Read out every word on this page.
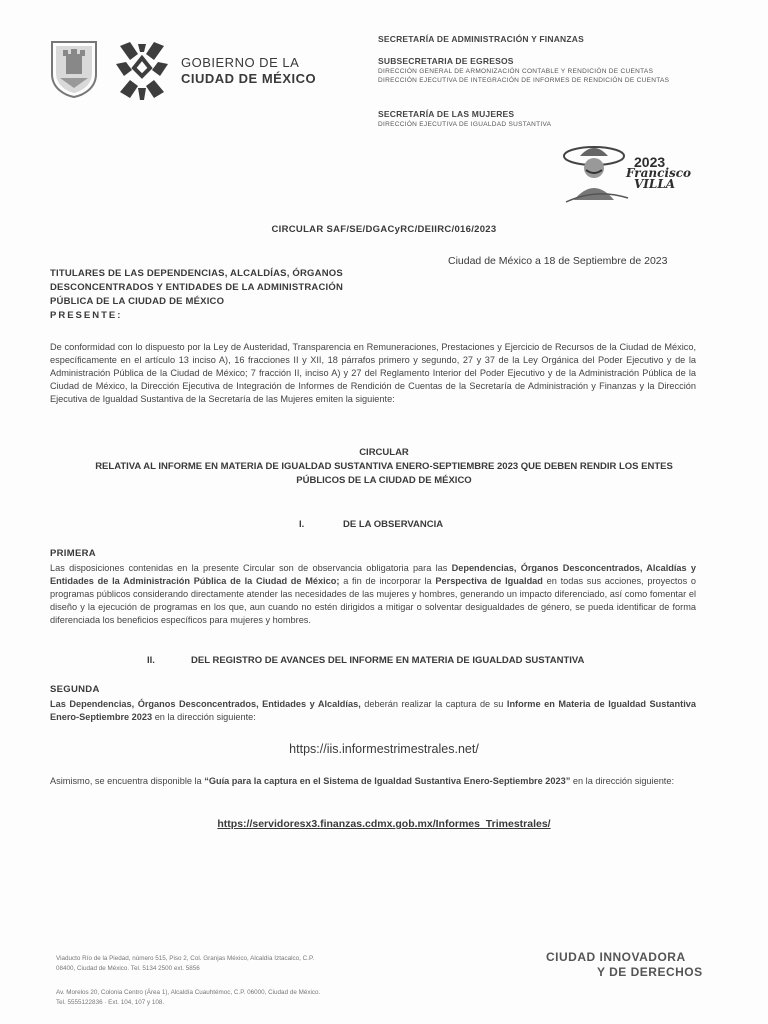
GOBIERNO DE LA
CIUDAD DE MÉXICO
SECRETARÍA DE ADMINISTRACIÓN Y FINANZAS
SUBSECRETARIA DE EGRESOS
DIRECCIÓN GENERAL DE ARMONIZACIÓN CONTABLE Y RENDICIÓN DE CUENTAS
DIRECCIÓN EJECUTIVA DE INTEGRACIÓN DE INFORMES DE RENDICIÓN DE CUENTAS
SECRETARÍA DE LAS MUJERES
DIRECCIÓN EJECUTIVA DE IGUALDAD SUSTANTIVA
2023
Francisco
VILLA
CIRCULAR SAF/SE/DGACyRC/DEIIRC/016/2023
Ciudad de México a 18 de Septiembre de 2023
TITULARES DE LAS DEPENDENCIAS, ALCALDÍAS, ÓRGANOS
DESCONCENTRADOS Y ENTIDADES DE LA ADMINISTRACIÓN
PÚBLICA DE LA CIUDAD DE MÉXICO
PRESENTE:
De conformidad con lo dispuesto por la Ley de Austeridad, Transparencia en Remuneraciones, Prestaciones y Ejercicio de Recursos de la Ciudad de México, específicamente en el artículo 13 inciso A), 16 fracciones II y XII, 18 párrafos primero y segundo, 27 y 37 de la Ley Orgánica del Poder Ejecutivo y de la Administración Pública de la Ciudad de México; 7 fracción II, inciso A) y 27 del Reglamento Interior del Poder Ejecutivo y de la Administración Pública de la Ciudad de México, la Dirección Ejecutiva de Integración de Informes de Rendición de Cuentas de la Secretaría de Administración y Finanzas y la Dirección Ejecutiva de Igualdad Sustantiva de la Secretaría de las Mujeres emiten la siguiente:
CIRCULAR
RELATIVA AL INFORME EN MATERIA DE IGUALDAD SUSTANTIVA ENERO-SEPTIEMBRE 2023 QUE DEBEN RENDIR LOS ENTES
PÚBLICOS DE LA CIUDAD DE MÉXICO
I.	DE LA OBSERVANCIA
PRIMERA
Las disposiciones contenidas en la presente Circular son de observancia obligatoria para las Dependencias, Órganos Desconcentrados, Alcaldías y Entidades de la Administración Pública de la Ciudad de México; a fin de incorporar la Perspectiva de Igualdad en todas sus acciones, proyectos o programas públicos considerando directamente atender las necesidades de las mujeres y hombres, generando un impacto diferenciado, así como fomentar el diseño y la ejecución de programas en los que, aun cuando no estén dirigidos a mitigar o solventar desigualdades de género, se pueda identificar de forma diferenciada los beneficios específicos para mujeres y hombres.
II.	DEL REGISTRO DE AVANCES DEL INFORME EN MATERIA DE IGUALDAD SUSTANTIVA
SEGUNDA
Las Dependencias, Órganos Desconcentrados, Entidades y Alcaldías, deberán realizar la captura de su Informe en Materia de Igualdad Sustantiva Enero-Septiembre 2023 en la dirección siguiente:
https://iis.informestrimestrales.net/
Asimismo, se encuentra disponible la “Guía para la captura en el Sistema de Igualdad Sustantiva Enero-Septiembre 2023” en la dirección siguiente:
https://servidoresx3.finanzas.cdmx.gob.mx/Informes_Trimestrales/
Viaducto Río de la Piedad, número 515, Piso 2, Col. Granjas México, Alcaldía Iztacalco, C.P.
08400, Ciudad de México. Tel. 5134 2500 ext. 5856
Av. Morelos 20, Colonia Centro (Área 1), Alcaldía Cuauhtémoc, C.P. 06000, Ciudad de México.
Tel. 5555122836 · Ext. 104, 107 y 108.
CIUDAD INNOVADORA
Y DE DERECHOS
